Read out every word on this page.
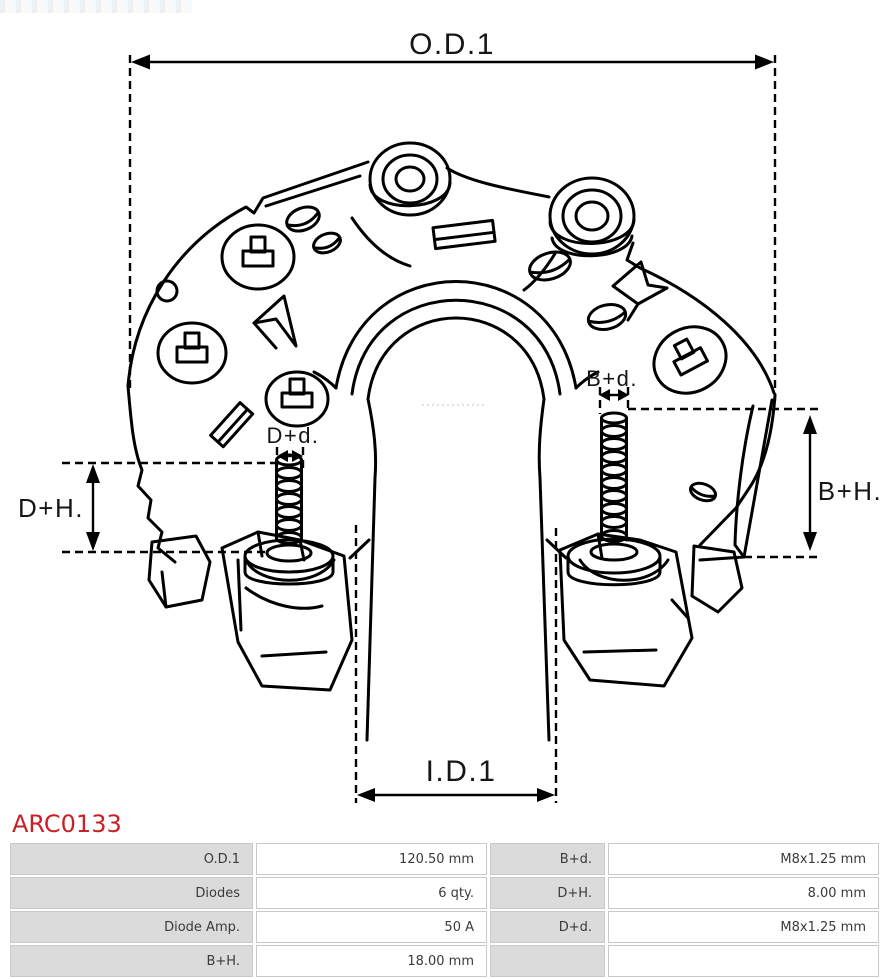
O.D.1
I.D.1
D+d.
B+d.
D+H.
B+H.
ARC0133
O.D.1	120.50 mm	B+d.	M8x1.25 mm
Diodes	6 qty.	D+H.	8.00 mm
Diode Amp.	50 A	D+d.	M8x1.25 mm
B+H.	18.00 mm
